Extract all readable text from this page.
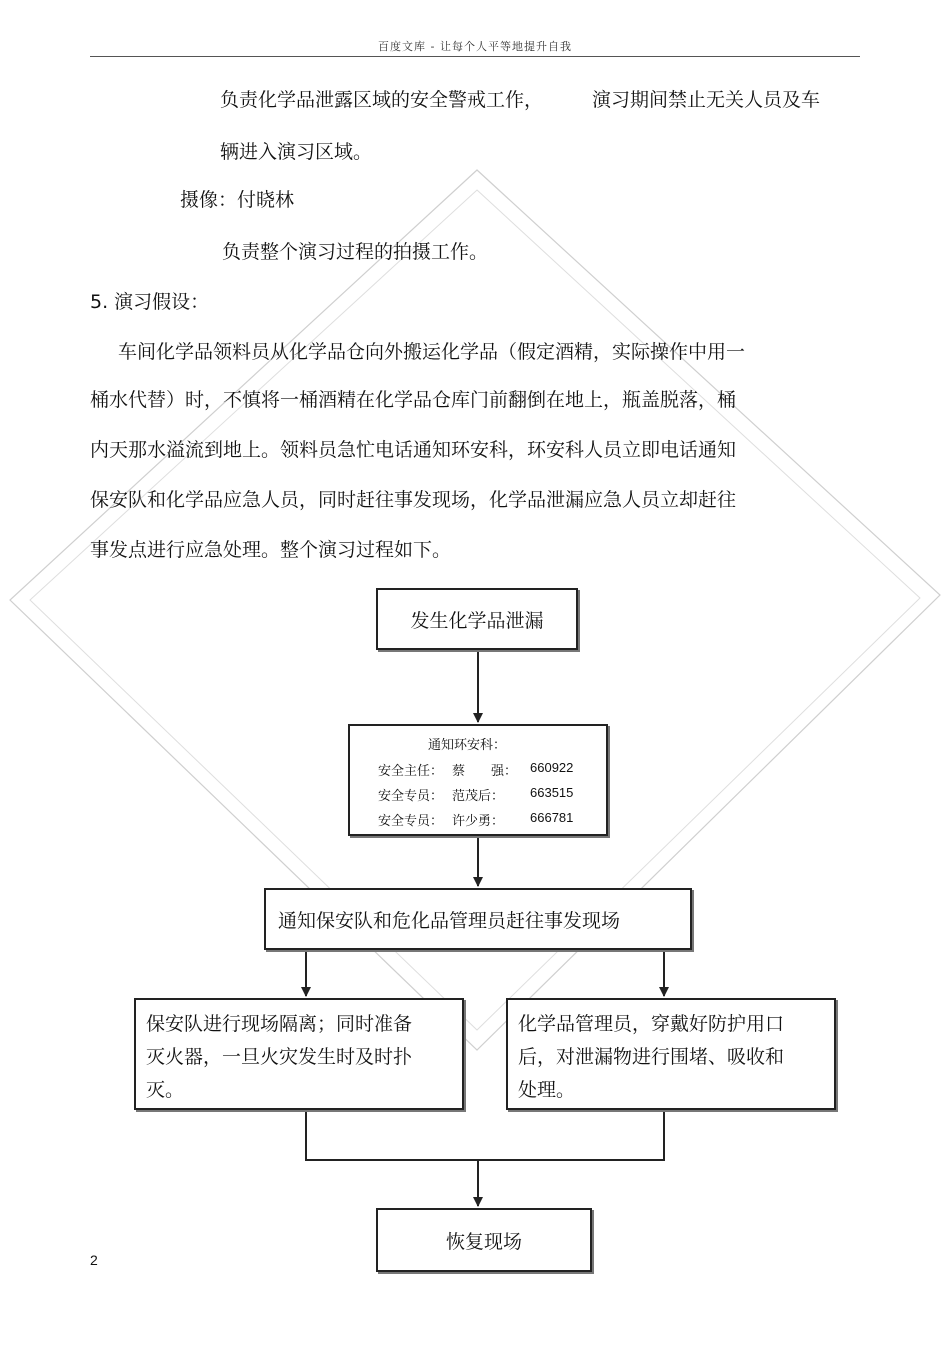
百度文库 - 让每个人平等地提升自我
负责化学品泄露区域的安全警戒工作，	演习期间禁止无关人员及车
辆进入演习区域。
摄像：付晓林
负责整个演习过程的拍摄工作。
5. 演习假设：
车间化学品领料员从化学品仓向外搬运化学品（假定酒精，实际操作中用一
桶水代替）时，不慎将一桶酒精在化学品仓库门前翻倒在地上，瓶盖脱落，桶
内天那水溢流到地上。领料员急忙电话通知环安科，环安科人员立即电话通知
保安队和化学品应急人员，同时赶往事发现场，化学品泄漏应急人员立却赶往
事发点进行应急处理。整个演习过程如下。
发生化学品泄漏
通知环安科：
安全主任： 蔡　　强： 660922
安全专员： 范茂后： 663515
安全专员： 许少勇： 666781
通知保安队和危化品管理员赶往事发现场
保安队进行现场隔离；同时准备
灭火器，一旦火灾发生时及时扑
灭。
化学品管理员，穿戴好防护用口
后，对泄漏物进行围堵、吸收和
处理。
恢复现场
2
